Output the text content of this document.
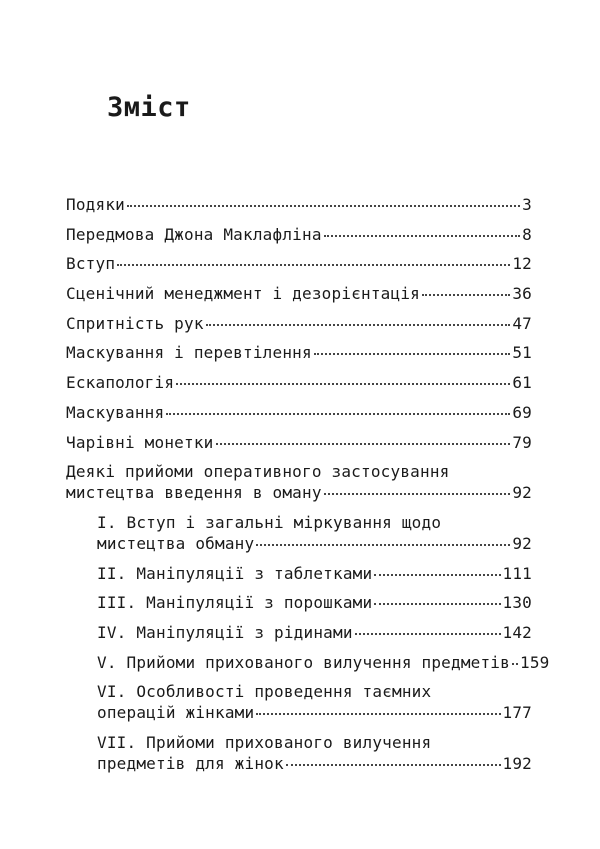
Зміст
Подяки	3
Передмова Джона Маклафліна	8
Вступ	12
Сценічний менеджмент і дезорієнтація	36
Спритність рук	47
Маскування і перевтілення	51
Ескапологія	61
Маскування	69
Чарівні монетки	79
Деякі прийоми оперативного застосування
мистецтва введення в оману	92
I. Вступ і загальні міркування щодо
мистецтва обману	92
II. Маніпуляції з таблетками	111
III. Маніпуляції з порошками	130
IV. Маніпуляції з рідинами	142
V. Прийоми прихованого вилучення предметів 159
VI. Особливості проведення таємних
операцій жінками	177
VII. Прийоми прихованого вилучення
предметів для жінок	192
